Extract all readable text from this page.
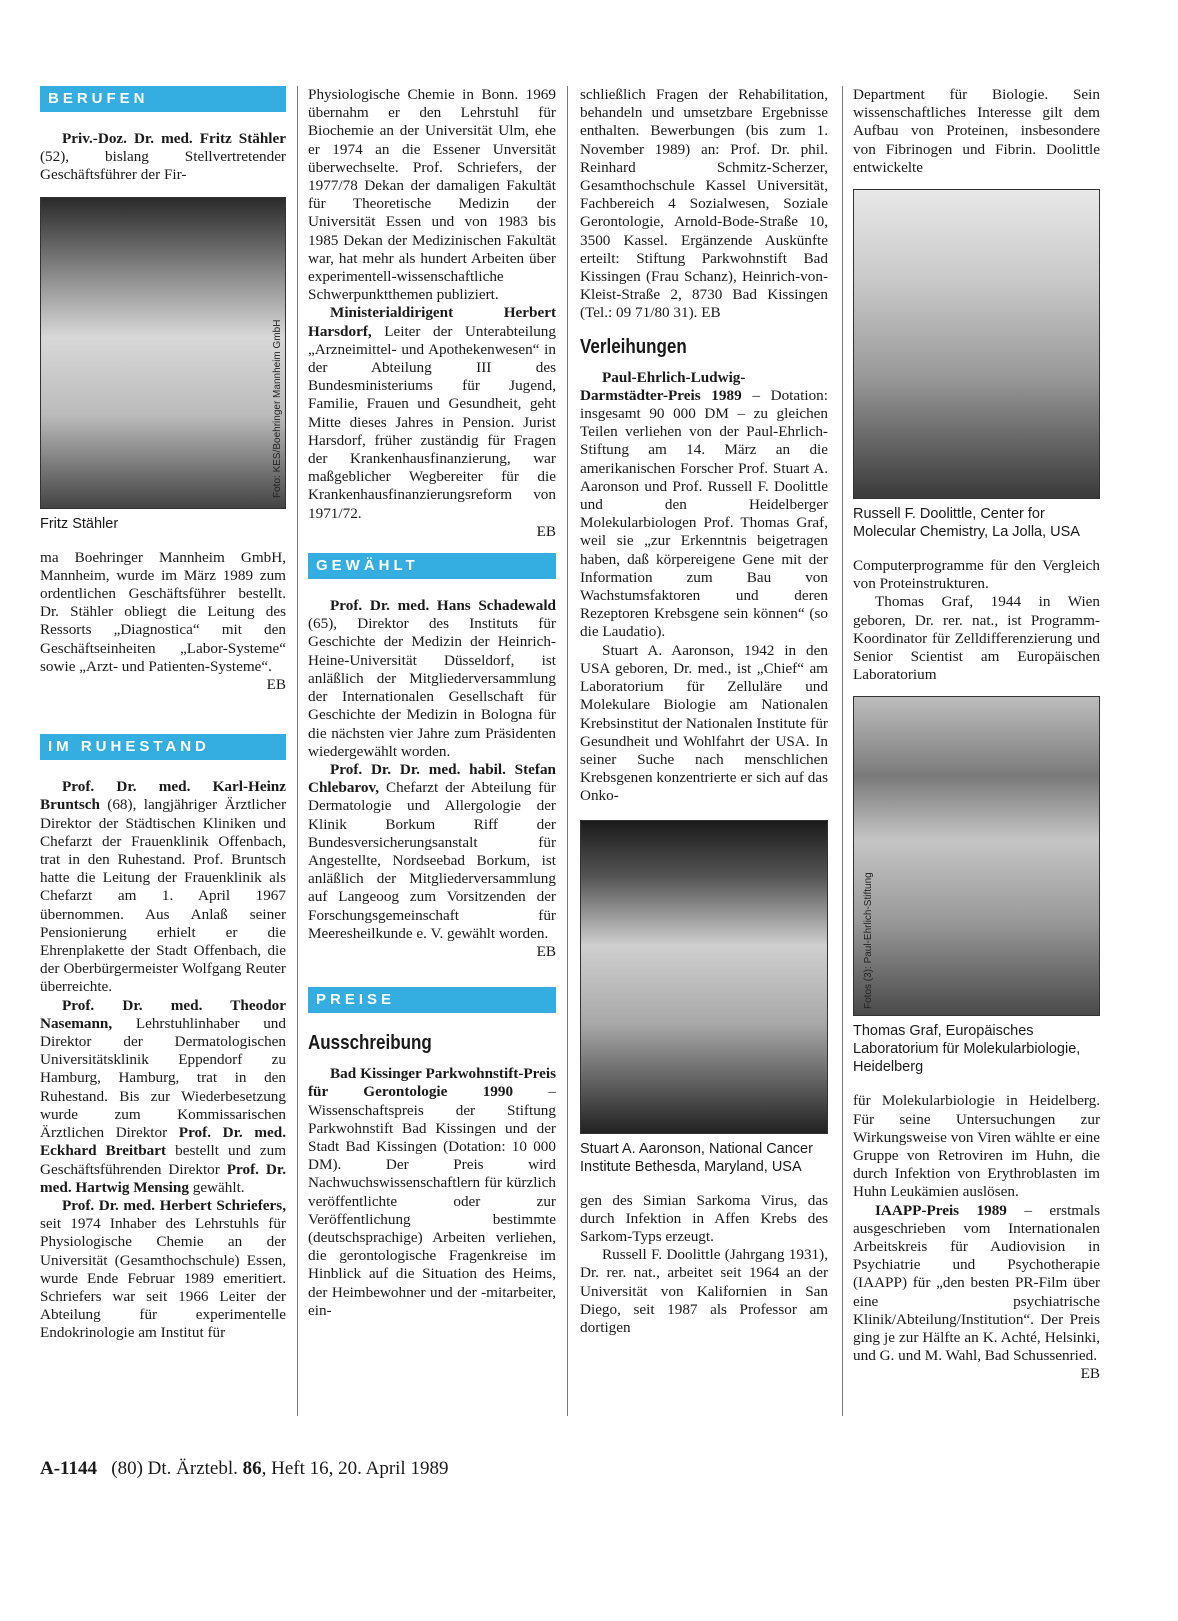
BERUFEN

Priv.-Doz. Dr. med. Fritz Stähler (52), bislang Stellvertretender Geschäftsführer der Fir-

Foto: KES/Boehringer Mannheim GmbH
Fritz Stähler

ma Boehringer Mannheim GmbH, Mannheim, wurde im März 1989 zum ordentlichen Geschäftsführer bestellt. Dr. Stähler obliegt die Leitung des Ressorts „Diagnostica“ mit den Geschäftseinheiten „Labor-Systeme“ sowie „Arzt- und Patienten-Systeme“.
EB

IM RUHESTAND

Prof. Dr. med. Karl-Heinz Bruntsch (68), langjähriger Ärztlicher Direktor der Städtischen Kliniken und Chefarzt der Frauenklinik Offenbach, trat in den Ruhestand. Prof. Bruntsch hatte die Leitung der Frauenklinik als Chefarzt am 1. April 1967 übernommen. Aus Anlaß seiner Pensionierung erhielt er die Ehrenplakette der Stadt Offenbach, die der Oberbürgermeister Wolfgang Reuter überreichte.

Prof. Dr. med. Theodor Nasemann, Lehrstuhlinhaber und Direktor der Dermatologischen Universitätsklinik Eppendorf zu Hamburg, Hamburg, trat in den Ruhestand. Bis zur Wiederbesetzung wurde zum Kommissarischen Ärztlichen Direktor Prof. Dr. med. Eckhard Breitbart bestellt und zum Geschäftsführenden Direktor Prof. Dr. med. Hartwig Mensing gewählt.

Prof. Dr. med. Herbert Schriefers, seit 1974 Inhaber des Lehrstuhls für Physiologische Chemie an der Universität (Gesamthochschule) Essen, wurde Ende Februar 1989 emeritiert. Schriefers war seit 1966 Leiter der Abteilung für experimentelle Endokrinologie am Institut für

Physiologische Chemie in Bonn. 1969 übernahm er den Lehrstuhl für Biochemie an der Universität Ulm, ehe er 1974 an die Essener Unversität überwechselte. Prof. Schriefers, der 1977/78 Dekan der damaligen Fakultät für Theoretische Medizin der Universität Essen und von 1983 bis 1985 Dekan der Medizinischen Fakultät war, hat mehr als hundert Arbeiten über experimentell-wissenschaftliche Schwerpunktthemen publiziert.

Ministerialdirigent Herbert Harsdorf, Leiter der Unterabteilung „Arzneimittel- und Apothekenwesen“ in der Abteilung III des Bundesministeriums für Jugend, Familie, Frauen und Gesundheit, geht Mitte dieses Jahres in Pension. Jurist Harsdorf, früher zuständig für Fragen der Krankenhausfinanzierung, war maßgeblicher Wegbereiter für die Krankenhausfinanzierungsreform von 1971/72.
EB

GEWÄHLT

Prof. Dr. med. Hans Schadewald (65), Direktor des Instituts für Geschichte der Medizin der Heinrich-Heine-Universität Düsseldorf, ist anläßlich der Mitgliederversammlung der Internationalen Gesellschaft für Geschichte der Medizin in Bologna für die nächsten vier Jahre zum Präsidenten wiedergewählt worden.

Prof. Dr. Dr. med. habil. Stefan Chlebarov, Chefarzt der Abteilung für Dermatologie und Allergologie der Klinik Borkum Riff der Bundesversicherungsanstalt für Angestellte, Nordseebad Borkum, ist anläßlich der Mitgliederversammlung auf Langeoog zum Vorsitzenden der Forschungsgemeinschaft für Meeresheilkunde e. V. gewählt worden.
EB

PREISE
Ausschreibung

Bad Kissinger Parkwohnstift-Preis für Gerontologie 1990 – Wissenschaftspreis der Stiftung Parkwohnstift Bad Kissingen und der Stadt Bad Kissingen (Dotation: 10 000 DM). Der Preis wird Nachwuchswissenschaftlern für kürzlich veröffentlichte oder zur Veröffentlichung bestimmte (deutschsprachige) Arbeiten verliehen, die gerontologische Fragenkreise im Hinblick auf die Situation des Heims, der Heimbewohner und der -mitarbeiter, ein-

schließlich Fragen der Rehabilitation, behandeln und umsetzbare Ergebnisse enthalten. Bewerbungen (bis zum 1. November 1989) an: Prof. Dr. phil. Reinhard Schmitz-Scherzer, Gesamthochschule Kassel Universität, Fachbereich 4 Sozialwesen, Soziale Gerontologie, Arnold-Bode-Straße 10, 3500 Kassel. Ergänzende Auskünfte erteilt: Stiftung Parkwohnstift Bad Kissingen (Frau Schanz), Heinrich-von-Kleist-Straße 2, 8730 Bad Kissingen (Tel.: 09 71/80 31). EB

Verleihungen

Paul-Ehrlich-Ludwig-Darmstädter-Preis 1989 – Dotation: insgesamt 90 000 DM – zu gleichen Teilen verliehen von der Paul-Ehrlich-Stiftung am 14. März an die amerikanischen Forscher Prof. Stuart A. Aaronson und Prof. Russell F. Doolittle und den Heidelberger Molekularbiologen Prof. Thomas Graf, weil sie „zur Erkenntnis beigetragen haben, daß körpereigene Gene mit der Information zum Bau von Wachstumsfaktoren und deren Rezeptoren Krebsgene sein können“ (so die Laudatio).

Stuart A. Aaronson, 1942 in den USA geboren, Dr. med., ist „Chief“ am Laboratorium für Zelluläre und Molekulare Biologie am Nationalen Krebsinstitut der Nationalen Institute für Gesundheit und Wohlfahrt der USA. In seiner Suche nach menschlichen Krebsgenen konzentrierte er sich auf das Onko-

Stuart A. Aaronson, National Cancer Institute Bethesda, Maryland, USA

gen des Simian Sarkoma Virus, das durch Infektion in Affen Krebs des Sarkom-Typs erzeugt.

Russell F. Doolittle (Jahrgang 1931), Dr. rer. nat., arbeitet seit 1964 an der Universität von Kalifornien in San Diego, seit 1987 als Professor am dortigen

Department für Biologie. Sein wissenschaftliches Interesse gilt dem Aufbau von Proteinen, insbesondere von Fibrinogen und Fibrin. Doolittle entwickelte

Russell F. Doolittle, Center for Molecular Chemistry, La Jolla, USA

Computerprogramme für den Vergleich von Proteinstrukturen.

Thomas Graf, 1944 in Wien geboren, Dr. rer. nat., ist Programm-Koordinator für Zelldifferenzierung und Senior Scientist am Europäischen Laboratorium

Fotos (3): Paul-Ehrlich-Stiftung
Thomas Graf, Europäisches Laboratorium für Molekularbiologie, Heidelberg

für Molekularbiologie in Heidelberg. Für seine Untersuchungen zur Wirkungsweise von Viren wählte er eine Gruppe von Retroviren im Huhn, die durch Infektion von Erythroblasten im Huhn Leukämien auslösen.

IAAPP-Preis 1989 – erstmals ausgeschrieben vom Internationalen Arbeitskreis für Audiovision in Psychiatrie und Psychotherapie (IAAPP) für „den besten PR-Film über eine psychiatrische Klinik/Abteilung/Institution“. Der Preis ging je zur Hälfte an K. Achté, Helsinki, und G. und M. Wahl, Bad Schussenried.
EB

A-1144 (80) Dt. Ärztebl. 86, Heft 16, 20. April 1989
